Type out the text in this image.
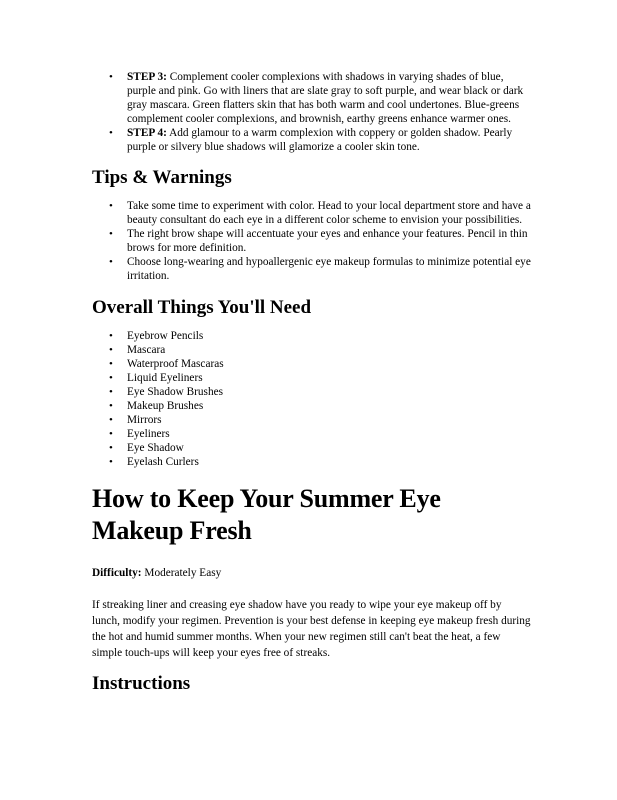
• STEP 3: Complement cooler complexions with shadows in varying shades of blue, purple and pink. Go with liners that are slate gray to soft purple, and wear black or dark gray mascara. Green flatters skin that has both warm and cool undertones. Blue-greens complement cooler complexions, and brownish, earthy greens enhance warmer ones.
• STEP 4: Add glamour to a warm complexion with coppery or golden shadow. Pearly purple or silvery blue shadows will glamorize a cooler skin tone.
Tips & Warnings
• Take some time to experiment with color. Head to your local department store and have a beauty consultant do each eye in a different color scheme to envision your possibilities.
• The right brow shape will accentuate your eyes and enhance your features. Pencil in thin brows for more definition.
• Choose long-wearing and hypoallergenic eye makeup formulas to minimize potential eye irritation.
Overall Things You'll Need
• Eyebrow Pencils
• Mascara
• Waterproof Mascaras
• Liquid Eyeliners
• Eye Shadow Brushes
• Makeup Brushes
• Mirrors
• Eyeliners
• Eye Shadow
• Eyelash Curlers
How to Keep Your Summer Eye Makeup Fresh

Difficulty: Moderately Easy

If streaking liner and creasing eye shadow have you ready to wipe your eye makeup off by lunch, modify your regimen. Prevention is your best defense in keeping eye makeup fresh during the hot and humid summer months. When your new regimen still can't beat the heat, a few simple touch-ups will keep your eyes free of streaks.

Instructions
